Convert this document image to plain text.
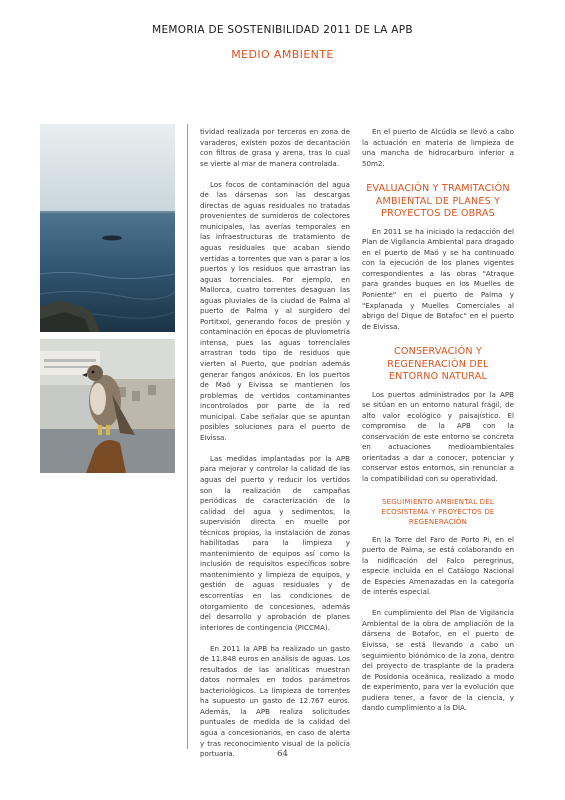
MEMORIA DE SOSTENIBILIDAD 2011 DE LA APB
MEDIO AMBIENTE

tividad realizada por terceros en zona de varaderos, existen pozos de decantación con filtros de grasa y arena, tras lo cual se vierte al mar de manera controlada.

Los focos de contaminación del agua de las dársenas son las descargas directas de aguas residuales no tratadas provenientes de sumideros de colectores municipales, las averías temporales en las infraestructuras de tratamiento de aguas residuales que acaban siendo vertidas a torrentes que van a parar a los puertos y los residuos que arrastran las aguas torrenciales. Por ejemplo, en Mallorca, cuatro torrentes desaguan las aguas pluviales de la ciudad de Palma al puerto de Palma y al surgidero del Portitxol, generando focos de presión y contaminación en épocas de pluviometría intensa, pues las aguas torrenciales arrastran todo tipo de residuos que vierten al Puerto, que podrían además generar fangos anóxicos. En los puertos de Maó y Eivissa se mantienen los problemas de vertidos contaminantes incontrolados por parte de la red municipal. Cabe señalar que se apuntan posibles soluciones para el puerto de Eivissa.

Las medidas implantadas por la APB para mejorar y controlar la calidad de las aguas del puerto y reducir los vertidos son la realización de campañas periódicas de caracterización de la calidad del agua y sedimentos, la supervisión directa en muelle por técnicos propios, la instalación de zonas habilitadas para la limpieza y mantenimiento de equipos así como la inclusión de requisitos específicos sobre mantenimiento y limpieza de equipos, y gestión de aguas residuales y de escorrentías en las condiciones de otorgamiento de concesiones, además del desarrollo y aprobación de planes interiores de contingencia (PICCMA).

En 2011 la APB ha realizado un gasto de 11.848 euros en análisis de aguas. Los resultados de las analíticas muestran datos normales en todos parámetros bacteriológicos. La limpieza de torrentes ha supuesto un gasto de 12.767 euros. Además, la APB realiza solicitudes puntuales de medida de la calidad del agua a concesionarios, en caso de alerta y tras reconocimiento visual de la policía portuaria.

En el puerto de Alcúdia se llevó a cabo la actuación en materia de limpieza de una mancha de hidrocarburo inferior a 50m2.

EVALUACIÓN Y TRAMITACIÓN AMBIENTAL DE PLANES Y PROYECTOS DE OBRAS

En 2011 se ha iniciado la redacción del Plan de Vigilancia Ambiental para dragado en el puerto de Maó y se ha continuado con la ejecución de los planes vigentes correspondientes a las obras "Atraque para grandes buques en los Muelles de Poniente" en el puerto de Palma y "Explanada y Muelles Comerciales al abrigo del Dique de Botafoc" en el puerto de Eivissa.

CONSERVACIÓN Y REGENERACIÓN DEL ENTORNO NATURAL

Los puertos administrados por la APB se sitúan en un entorno natural frágil, de alto valor ecológico y paisajístico. El compromiso de la APB con la conservación de este entorno se concreta en actuaciones medioambientales orientadas a dar a conocer, potenciar y conservar estos entornos, sin renunciar a la compatibilidad con su operatividad.

SEGUIMIENTO AMBIENTAL DEL ECOSISTEMA Y PROYECTOS DE REGENERACIÓN

En la Torre del Faro de Porto Pi, en el puerto de Palma, se está colaborando en la nidificación del Falco peregrinus, especie incluida en el Catálogo Nacional de Especies Amenazadas en la categoría de interés especial.

En cumplimiento del Plan de Vigilancia Ambiental de la obra de ampliación de la dársena de Botafoc, en el puerto de Eivissa, se está llevando a cabo un seguimiento biónómico de la zona, dentro del proyecto de trasplante de la pradera de Posidonia oceánica, realizado a modo de experimento, para ver la evolución que pudiera tener, a favor de la ciencia, y dando cumplimiento a la DIA.

64
